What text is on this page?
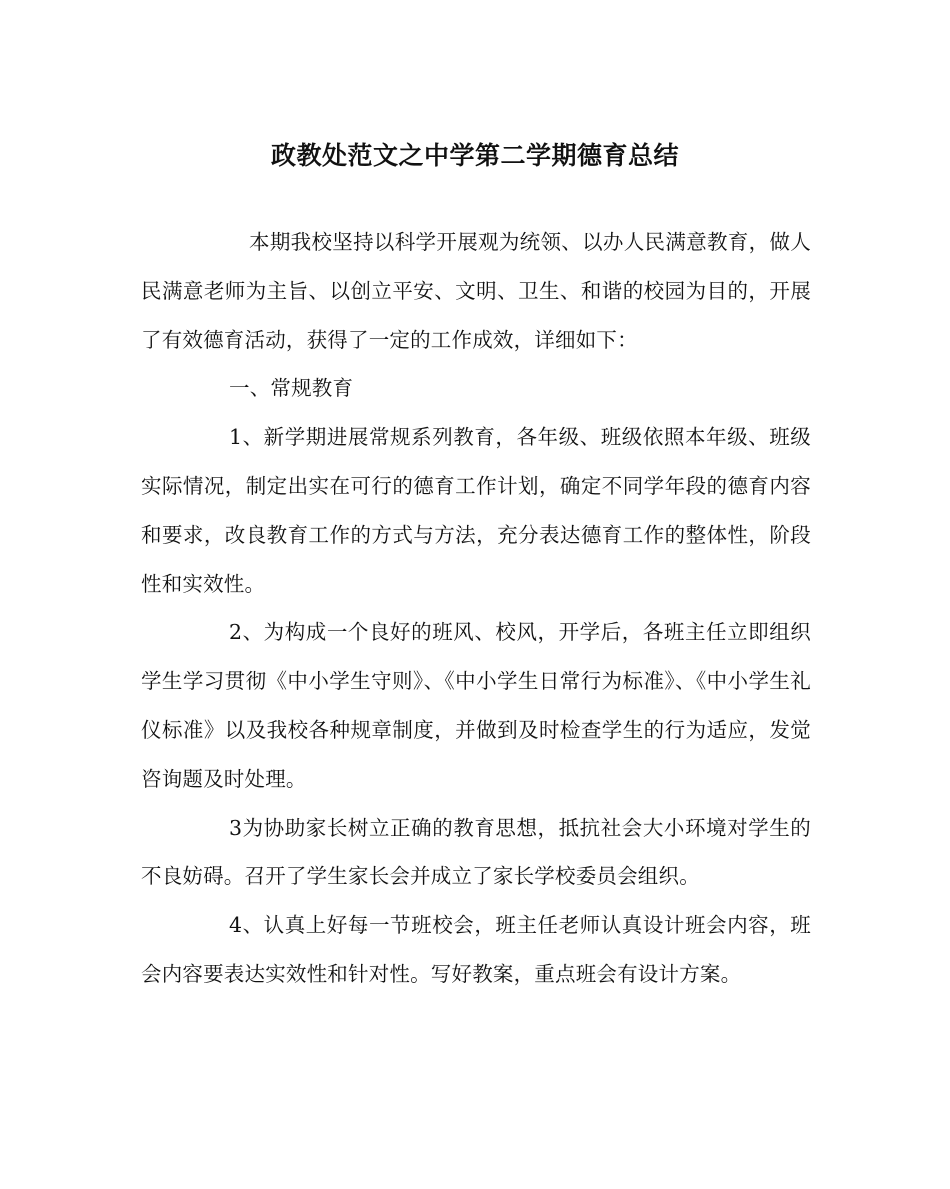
政教处范文之中学第二学期德育总结

本期我校坚持以科学开展观为统领、以办人民满意教育，做人民满意老师为主旨、以创立平安、文明、卫生、和谐的校园为目的，开展了有效德育活动，获得了一定的工作成效，详细如下：

一、常规教育

1、新学期进展常规系列教育，各年级、班级依照本年级、班级实际情况，制定出实在可行的德育工作计划，确定不同学年段的德育内容和要求，改良教育工作的方式与方法，充分表达德育工作的整体性，阶段性和实效性。

2、为构成一个良好的班风、校风，开学后，各班主任立即组织学生学习贯彻《中小学生守则》、《中小学生日常行为标准》、《中小学生礼仪标准》以及我校各种规章制度，并做到及时检查学生的行为适应，发觉咨询题及时处理。

3为协助家长树立正确的教育思想，抵抗社会大小环境对学生的不良妨碍。召开了学生家长会并成立了家长学校委员会组织。

4、认真上好每一节班校会，班主任老师认真设计班会内容，班会内容要表达实效性和针对性。写好教案，重点班会有设计方案。
